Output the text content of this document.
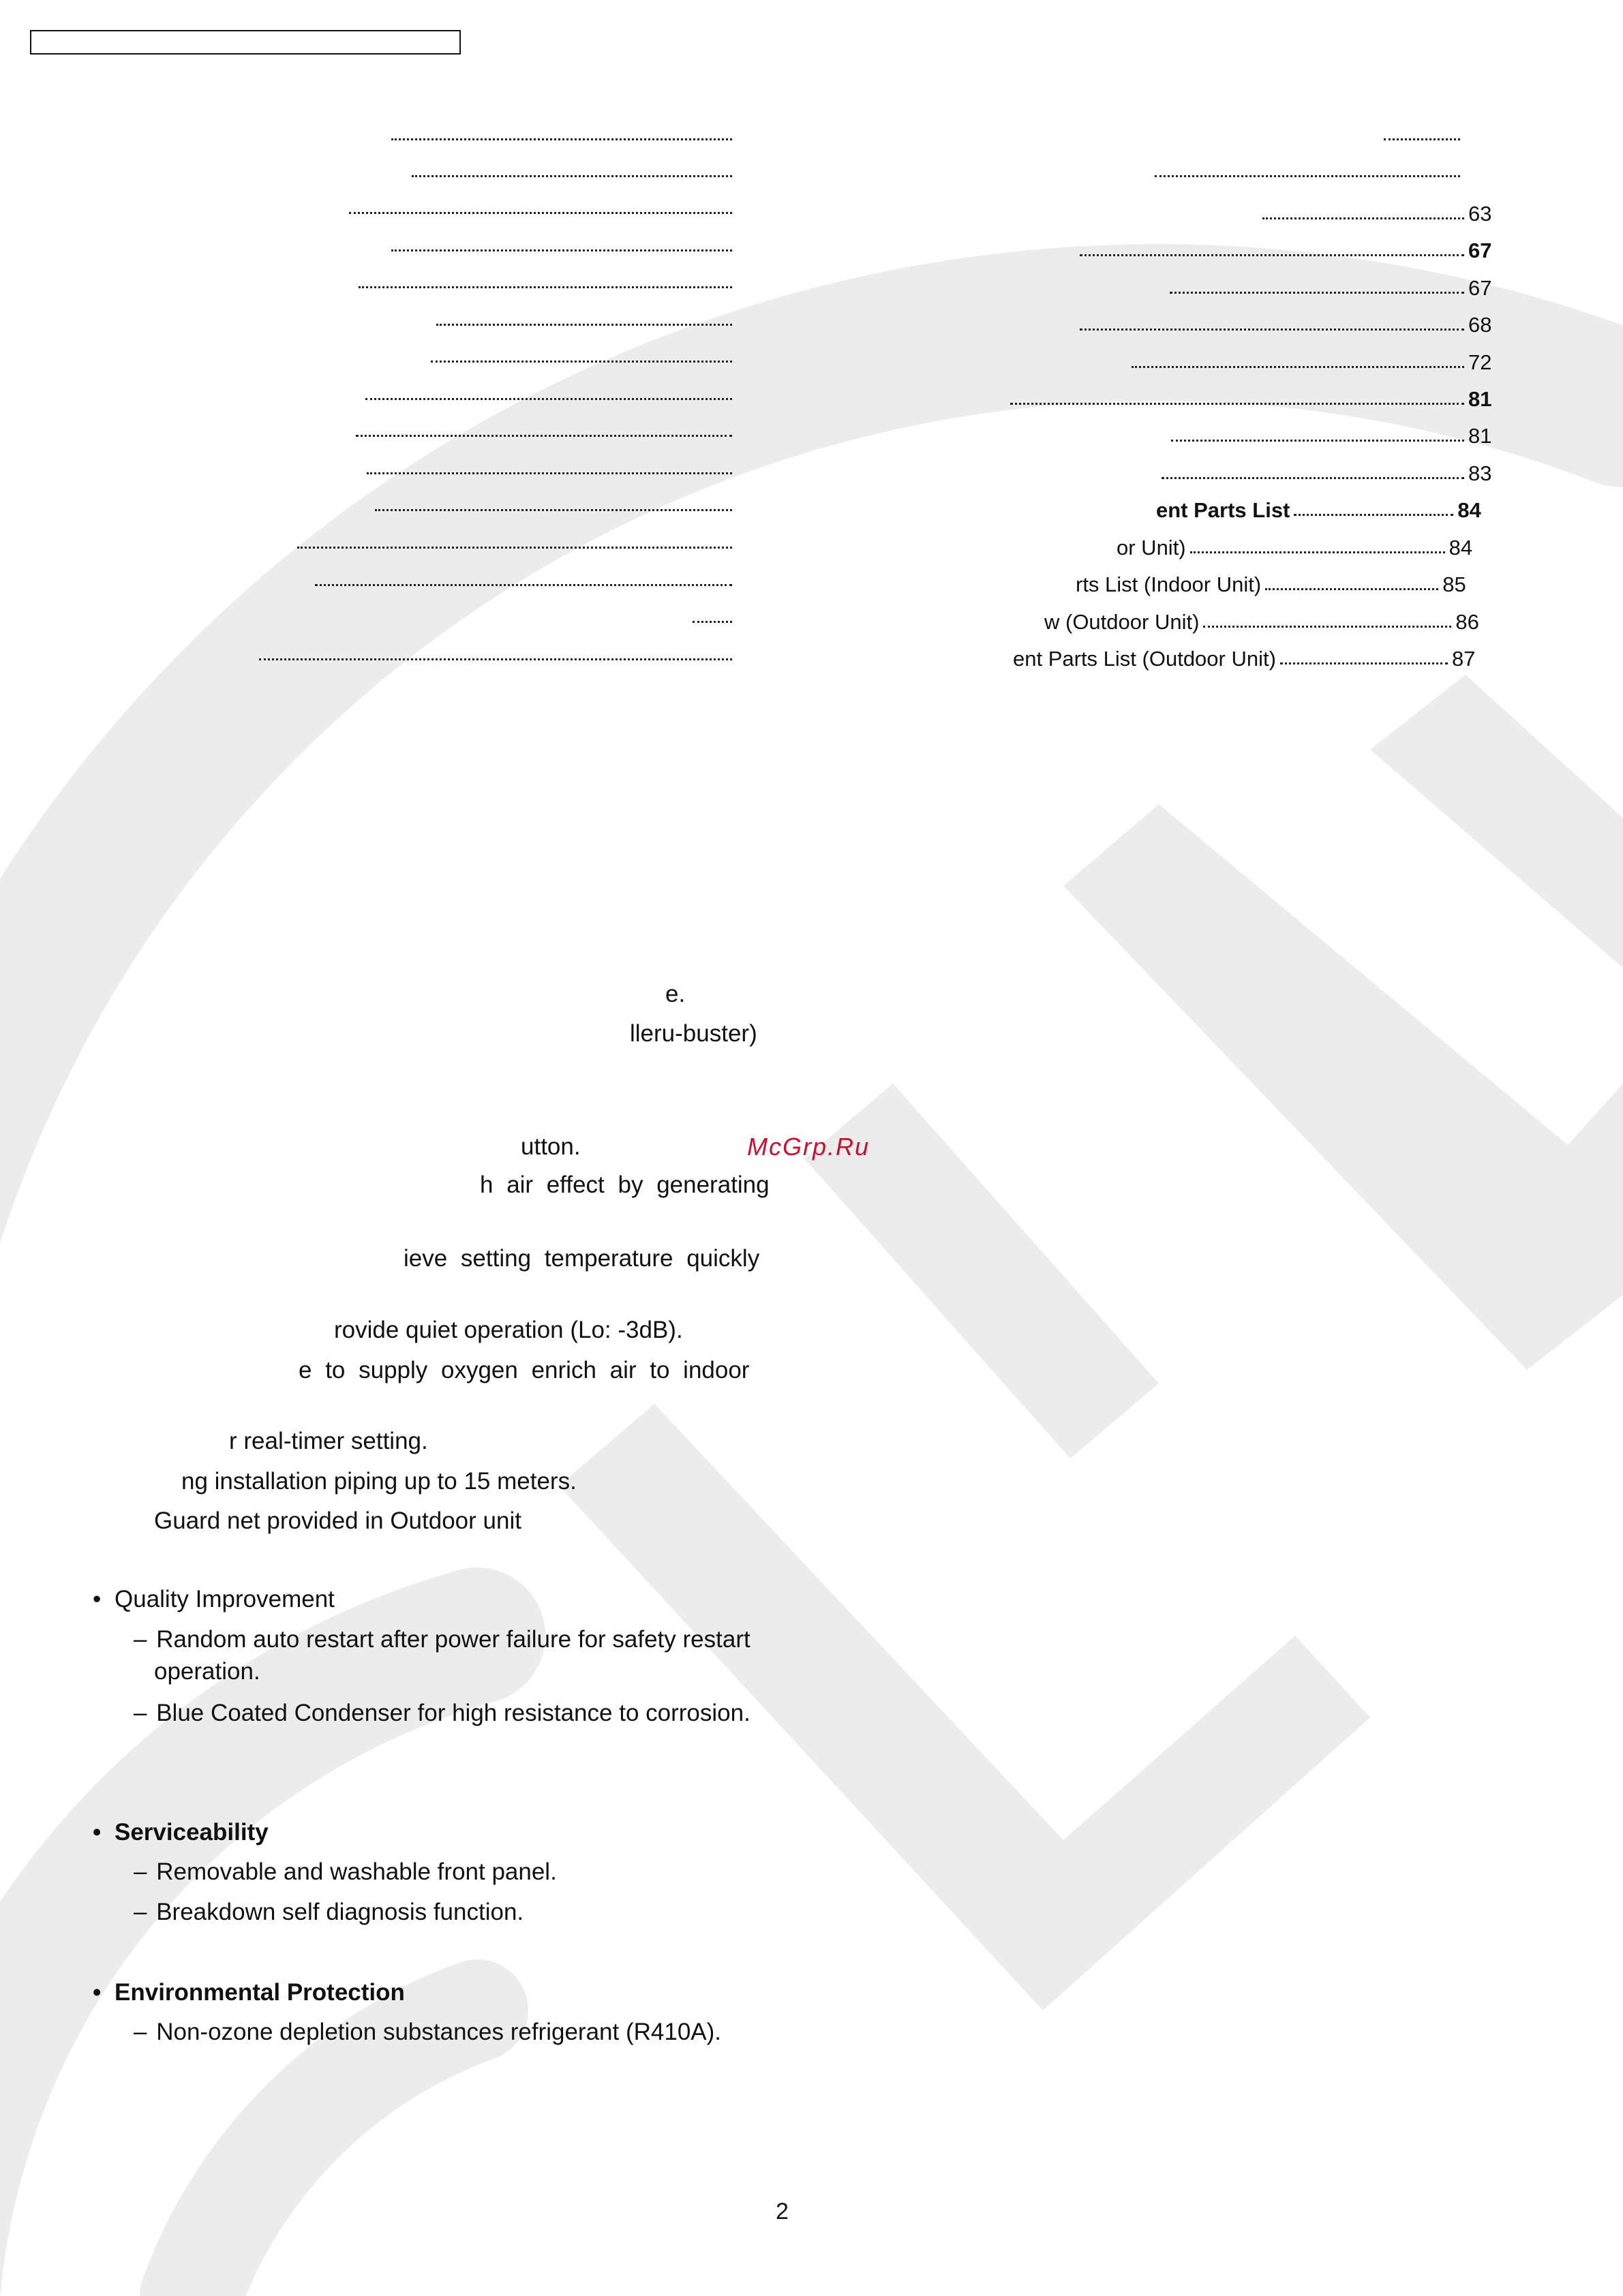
63
67
67
68
72
81
81
83
ent Parts List	84
or Unit)	84
rts List (Indoor Unit)	85
w (Outdoor Unit)	86
ent Parts List (Outdoor Unit)	87
e.
lleru-buster)
utton.
h air effect by generating
ieve setting temperature quickly
rovide quiet operation (Lo: -3dB).
e to supply oxygen enrich air to indoor
r real-timer setting.
ng installation piping up to 15 meters.
Guard net provided in Outdoor unit
McGrp.Ru
• Quality Improvement
– Random auto restart after power failure for safety restart
operation.
– Blue Coated Condenser for high resistance to corrosion.
• Serviceability
– Removable and washable front panel.
– Breakdown self diagnosis function.
• Environmental Protection
– Non-ozone depletion substances refrigerant (R410A).
2
